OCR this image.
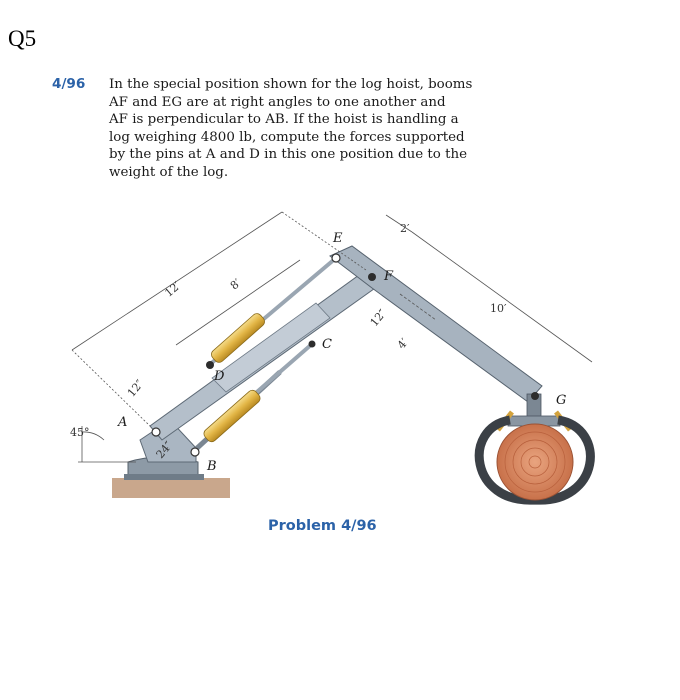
Q5
4/96	In the special position shown for the log hoist, booms
AF and EG are at right angles to one another and
AF is perpendicular to AB. If the hoist is handling a
log weighing 4800 lb, compute the forces supported
by the pins at A and D in this one position due to the
weight of the log.
A
B
C
D
E
F
G
12′	8′
12″
24″
2′
12″
4′
10′
45°
Problem 4/96
